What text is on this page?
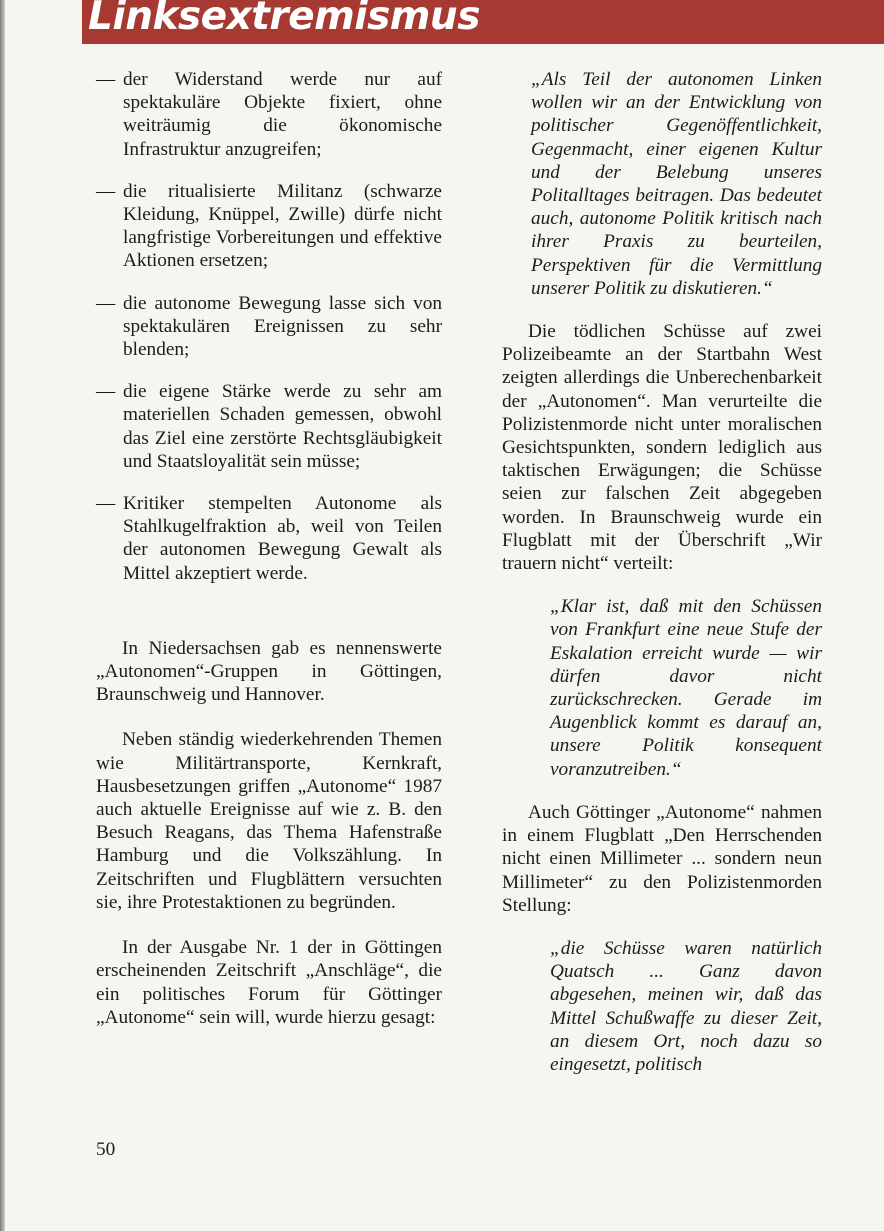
Linksextremismus
— der Widerstand werde nur auf spektakuläre Objekte fixiert, ohne weiträumig die ökonomische Infrastruktur anzugreifen;
— die ritualisierte Militanz (schwarze Kleidung, Knüppel, Zwille) dürfe nicht langfristige Vorbereitungen und effektive Aktionen ersetzen;
— die autonome Bewegung lasse sich von spektakulären Ereignissen zu sehr blenden;
— die eigene Stärke werde zu sehr am materiellen Schaden gemessen, obwohl das Ziel eine zerstörte Rechtsgläubigkeit und Staatsloyalität sein müsse;
— Kritiker stempelten Autonome als Stahlkugelfraktion ab, weil von Teilen der autonomen Bewegung Gewalt als Mittel akzeptiert werde.

In Niedersachsen gab es nennenswerte „Autonomen“-Gruppen in Göttingen, Braunschweig und Hannover.

Neben ständig wiederkehrenden Themen wie Militärtransporte, Kernkraft, Hausbesetzungen griffen „Autonome“ 1987 auch aktuelle Ereignisse auf wie z. B. den Besuch Reagans, das Thema Hafenstraße Hamburg und die Volkszählung. In Zeitschriften und Flugblättern versuchten sie, ihre Protestaktionen zu begründen.

In der Ausgabe Nr. 1 der in Göttingen erscheinenden Zeitschrift „Anschläge“, die ein politisches Forum für Göttinger „Autonome“ sein will, wurde hierzu gesagt:

„Als Teil der autonomen Linken wollen wir an der Entwicklung von politischer Gegenöffentlichkeit, Gegenmacht, einer eigenen Kultur und der Belebung unseres Politalltages beitragen. Das bedeutet auch, autonome Politik kritisch nach ihrer Praxis zu beurteilen, Perspektiven für die Vermittlung unserer Politik zu diskutieren.“

Die tödlichen Schüsse auf zwei Polizeibeamte an der Startbahn West zeigten allerdings die Unberechenbarkeit der „Autonomen“. Man verurteilte die Polizistenmorde nicht unter moralischen Gesichtspunkten, sondern lediglich aus taktischen Erwägungen; die Schüsse seien zur falschen Zeit abgegeben worden. In Braunschweig wurde ein Flugblatt mit der Überschrift „Wir trauern nicht“ verteilt:

„Klar ist, daß mit den Schüssen von Frankfurt eine neue Stufe der Eskalation erreicht wurde — wir dürfen davor nicht zurückschrecken. Gerade im Augenblick kommt es darauf an, unsere Politik konsequent voranzutreiben.“

Auch Göttinger „Autonome“ nahmen in einem Flugblatt „Den Herrschenden nicht einen Millimeter ... sondern neun Millimeter“ zu den Polizistenmorden Stellung:

„die Schüsse waren natürlich Quatsch ... Ganz davon abgesehen, meinen wir, daß das Mittel Schußwaffe zu dieser Zeit, an diesem Ort, noch dazu so eingesetzt, politisch

50
